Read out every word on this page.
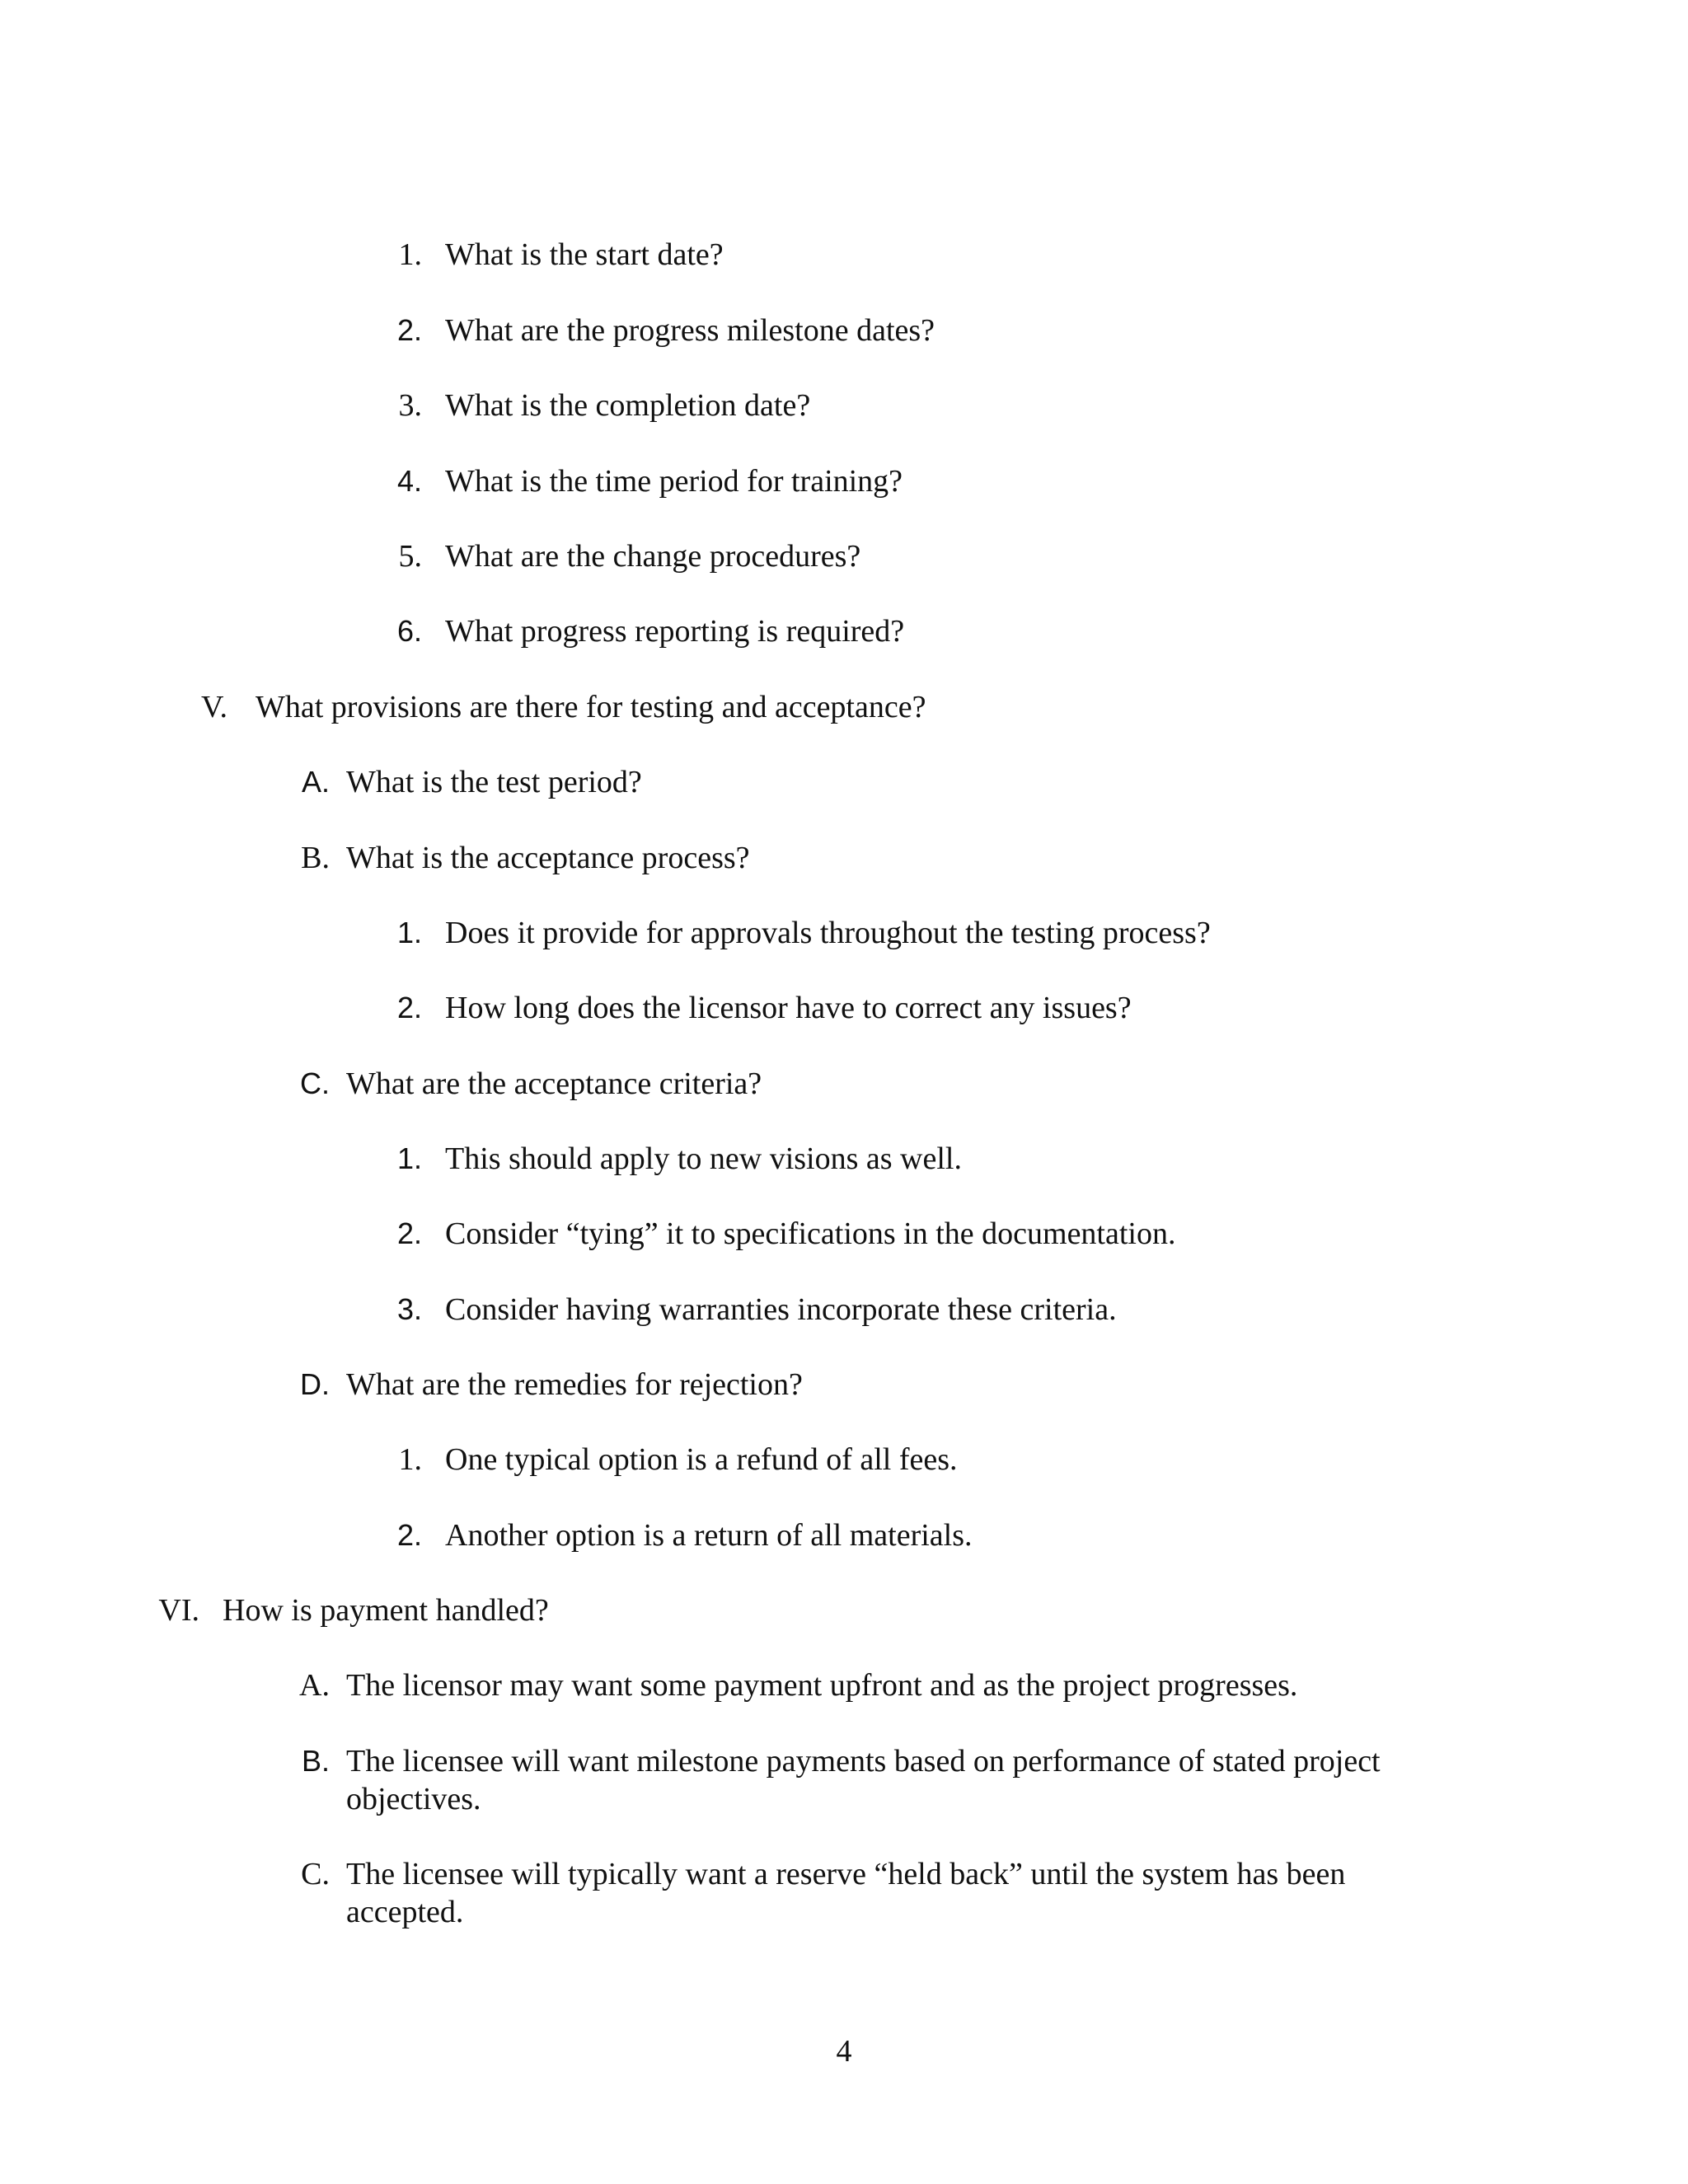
1. What is the start date?
2. What are the progress milestone dates?
3. What is the completion date?
4. What is the time period for training?
5. What are the change procedures?
6. What progress reporting is required?
V. What provisions are there for testing and acceptance?
A. What is the test period?
B. What is the acceptance process?
1. Does it provide for approvals throughout the testing process?
2. How long does the licensor have to correct any issues?
C. What are the acceptance criteria?
1. This should apply to new visions as well.
2. Consider “tying” it to specifications in the documentation.
3. Consider having warranties incorporate these criteria.
D. What are the remedies for rejection?
1. One typical option is a refund of all fees.
2. Another option is a return of all materials.
VI. How is payment handled?
A. The licensor may want some payment upfront and as the project progresses.
B. The licensee will want milestone payments based on performance of stated project objectives.
C. The licensee will typically want a reserve “held back” until the system has been accepted.
4
